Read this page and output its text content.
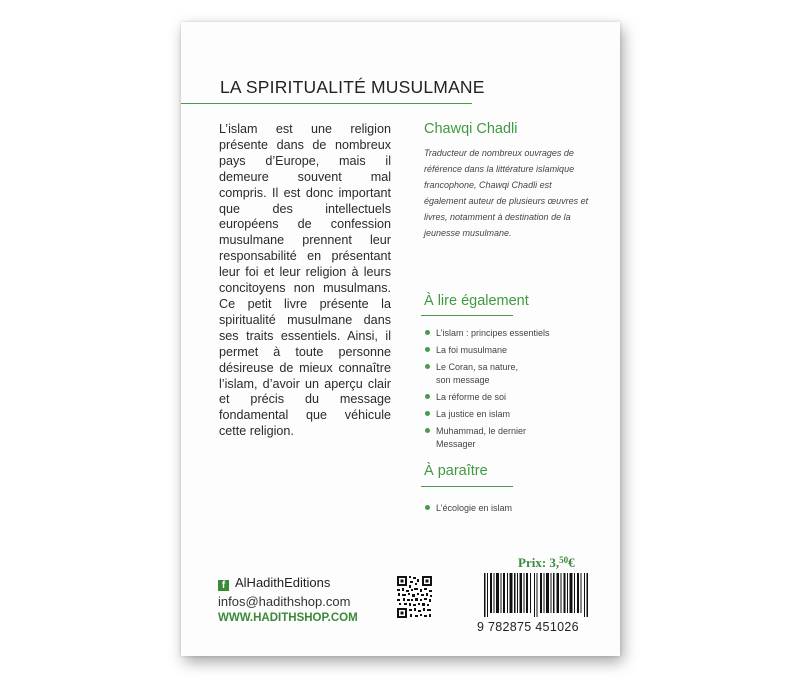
LA SPIRITUALITÉ MUSULMANE

L’islam est une religion présente dans de nombreux pays d’Europe, mais il demeure souvent mal compris. Il est donc important que des intellectuels européens de confession musulmane prennent leur responsabilité en présentant leur foi et leur religion à leurs concitoyens non musulmans. Ce petit livre présente la spiritualité musulmane dans ses traits essentiels. Ainsi, il permet à toute personne désireuse de mieux connaître l’islam, d’avoir un aperçu clair et précis du message fondamental que véhicule cette religion.

Chawqi Chadli
Traducteur de nombreux ouvrages de référence dans la littérature islamique francophone, Chawqi Chadli est également auteur de plusieurs œuvres et livres, notamment à destination de la jeunesse musulmane.
À lire également
L’islam : principes essentiels
La foi musulmane
Le Coran, sa nature, son message
La réforme de soi
La justice en islam
Muhammad, le dernier Messager
À paraître
L’écologie en islam
f AlHadithEditions
infos@hadithshop.com
WWW.HADITHSHOP.COM
Prix: 3,50€
9 782875 451026
